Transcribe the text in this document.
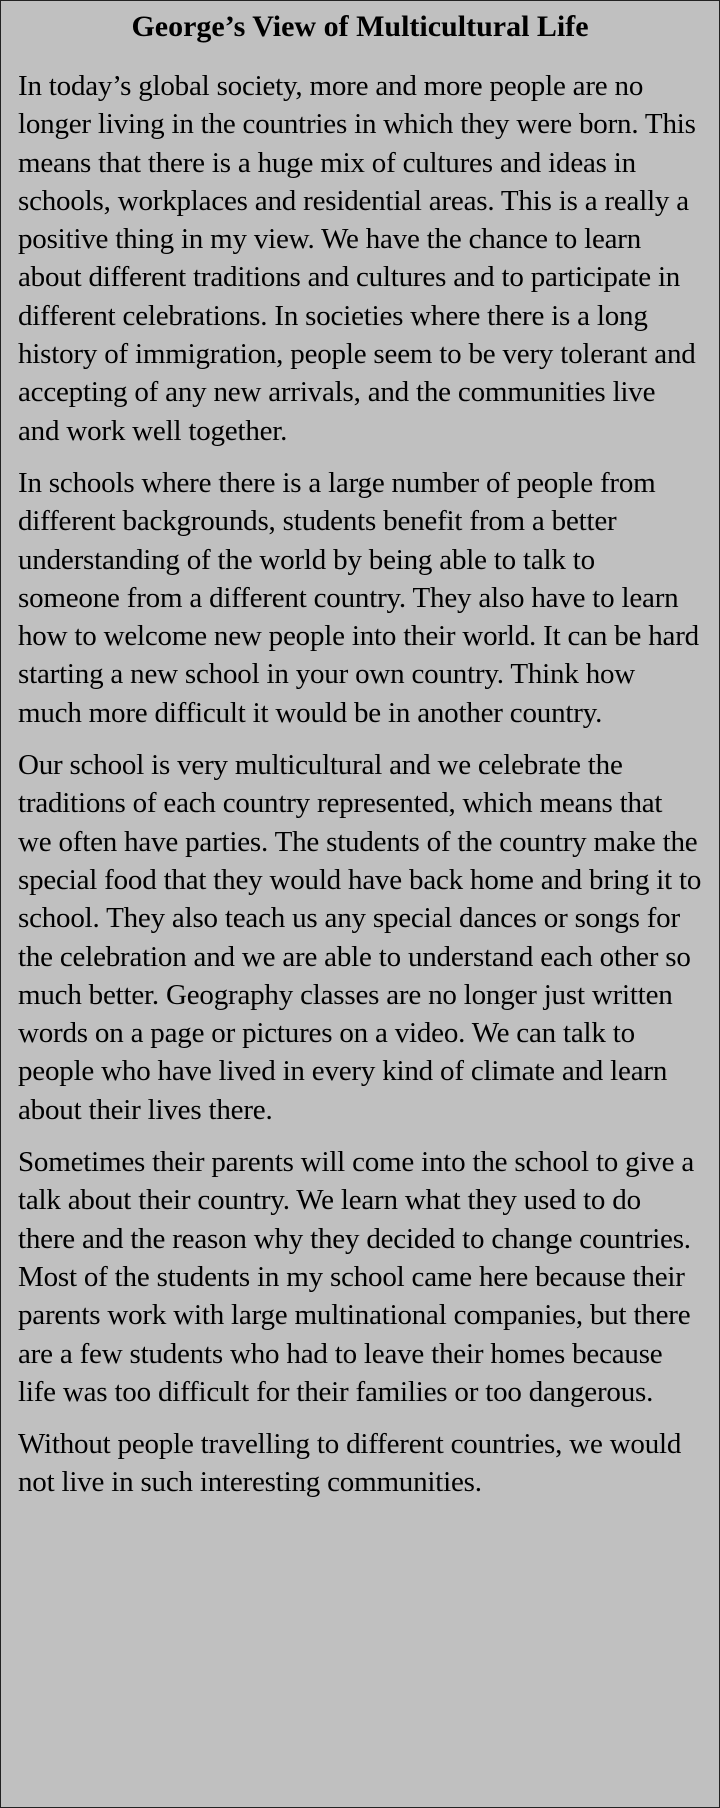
George’s View of Multicultural Life

In today’s global society, more and more people are no longer living in the countries in which they were born. This means that there is a huge mix of cultures and ideas in schools, workplaces and residential areas. This is a really a positive thing in my view. We have the chance to learn about different traditions and cultures and to participate in different celebrations. In societies where there is a long history of immigration, people seem to be very tolerant and accepting of any new arrivals, and the communities live and work well together.

In schools where there is a large number of people from different backgrounds, students benefit from a better understanding of the world by being able to talk to someone from a different country. They also have to learn how to welcome new people into their world. It can be hard starting a new school in your own country. Think how much more difficult it would be in another country.

Our school is very multicultural and we celebrate the traditions of each country represented, which means that we often have parties. The students of the country make the special food that they would have back home and bring it to school. They also teach us any special dances or songs for the celebration and we are able to understand each other so much better. Geography classes are no longer just written words on a page or pictures on a video. We can talk to people who have lived in every kind of climate and learn about their lives there.

Sometimes their parents will come into the school to give a talk about their country. We learn what they used to do there and the reason why they decided to change countries. Most of the students in my school came here because their parents work with large multinational companies, but there are a few students who had to leave their homes because life was too difficult for their families or too dangerous.

Without people travelling to different countries, we would not live in such interesting communities.
